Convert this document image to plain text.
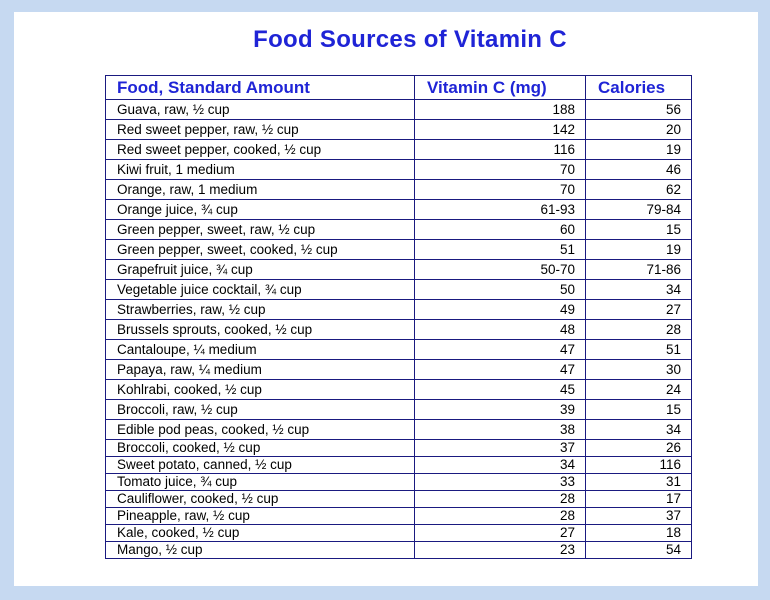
Food Sources of Vitamin C
Food, Standard Amount	Vitamin C (mg)	Calories
Guava, raw, ½ cup	188	56
Red sweet pepper, raw, ½ cup	142	20
Red sweet pepper, cooked, ½ cup	116	19
Kiwi fruit, 1 medium	70	46
Orange, raw, 1 medium	70	62
Orange juice, ¾ cup	61-93	79-84
Green pepper, sweet, raw, ½ cup	60	15
Green pepper, sweet, cooked, ½ cup	51	19
Grapefruit juice, ¾ cup	50-70	71-86
Vegetable juice cocktail, ¾ cup	50	34
Strawberries, raw, ½ cup	49	27
Brussels sprouts, cooked, ½ cup	48	28
Cantaloupe, ¼ medium	47	51
Papaya, raw, ¼ medium	47	30
Kohlrabi, cooked, ½ cup	45	24
Broccoli, raw, ½ cup	39	15
Edible pod peas, cooked, ½ cup	38	34
Broccoli, cooked, ½ cup	37	26
Sweet potato, canned, ½ cup	34	116
Tomato juice, ¾ cup	33	31
Cauliflower, cooked, ½ cup	28	17
Pineapple, raw, ½ cup	28	37
Kale, cooked, ½ cup	27	18
Mango, ½ cup	23	54
